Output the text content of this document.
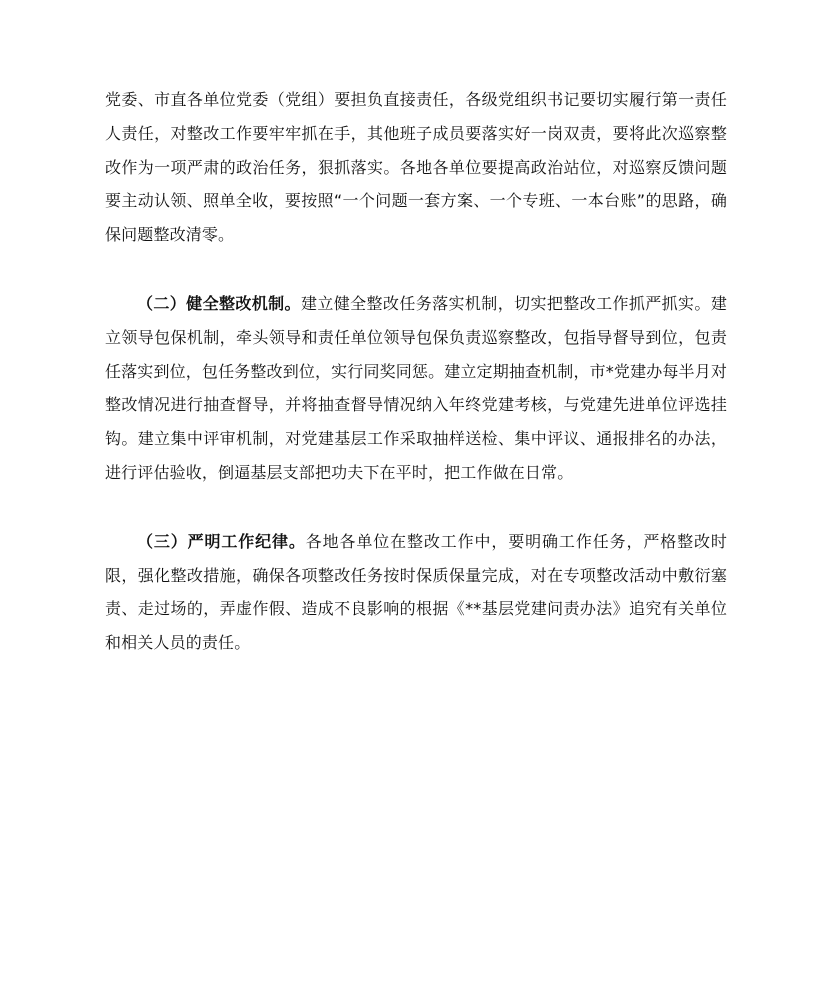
党委、市直各单位党委（党组）要担负直接责任，各级党组织书记要切实履行第一责任人责任，对整改工作要牢牢抓在手，其他班子成员要落实好一岗双责，要将此次巡察整改作为一项严肃的政治任务，狠抓落实。各地各单位要提高政治站位，对巡察反馈问题要主动认领、照单全收，要按照“一个问题一套方案、一个专班、一本台账”的思路，确保问题整改清零。

（二）健全整改机制。建立健全整改任务落实机制，切实把整改工作抓严抓实。建立领导包保机制，牵头领导和责任单位领导包保负责巡察整改，包指导督导到位，包责任落实到位，包任务整改到位，实行同奖同惩。建立定期抽查机制，市*党建办每半月对整改情况进行抽查督导，并将抽查督导情况纳入年终党建考核，与党建先进单位评选挂钩。建立集中评审机制，对党建基层工作采取抽样送检、集中评议、通报排名的办法，进行评估验收，倒逼基层支部把功夫下在平时，把工作做在日常。

（三）严明工作纪律。各地各单位在整改工作中，要明确工作任务，严格整改时限，强化整改措施，确保各项整改任务按时保质保量完成，对在专项整改活动中敷衍塞责、走过场的，弄虚作假、造成不良影响的根据《**基层党建问责办法》追究有关单位和相关人员的责任。
